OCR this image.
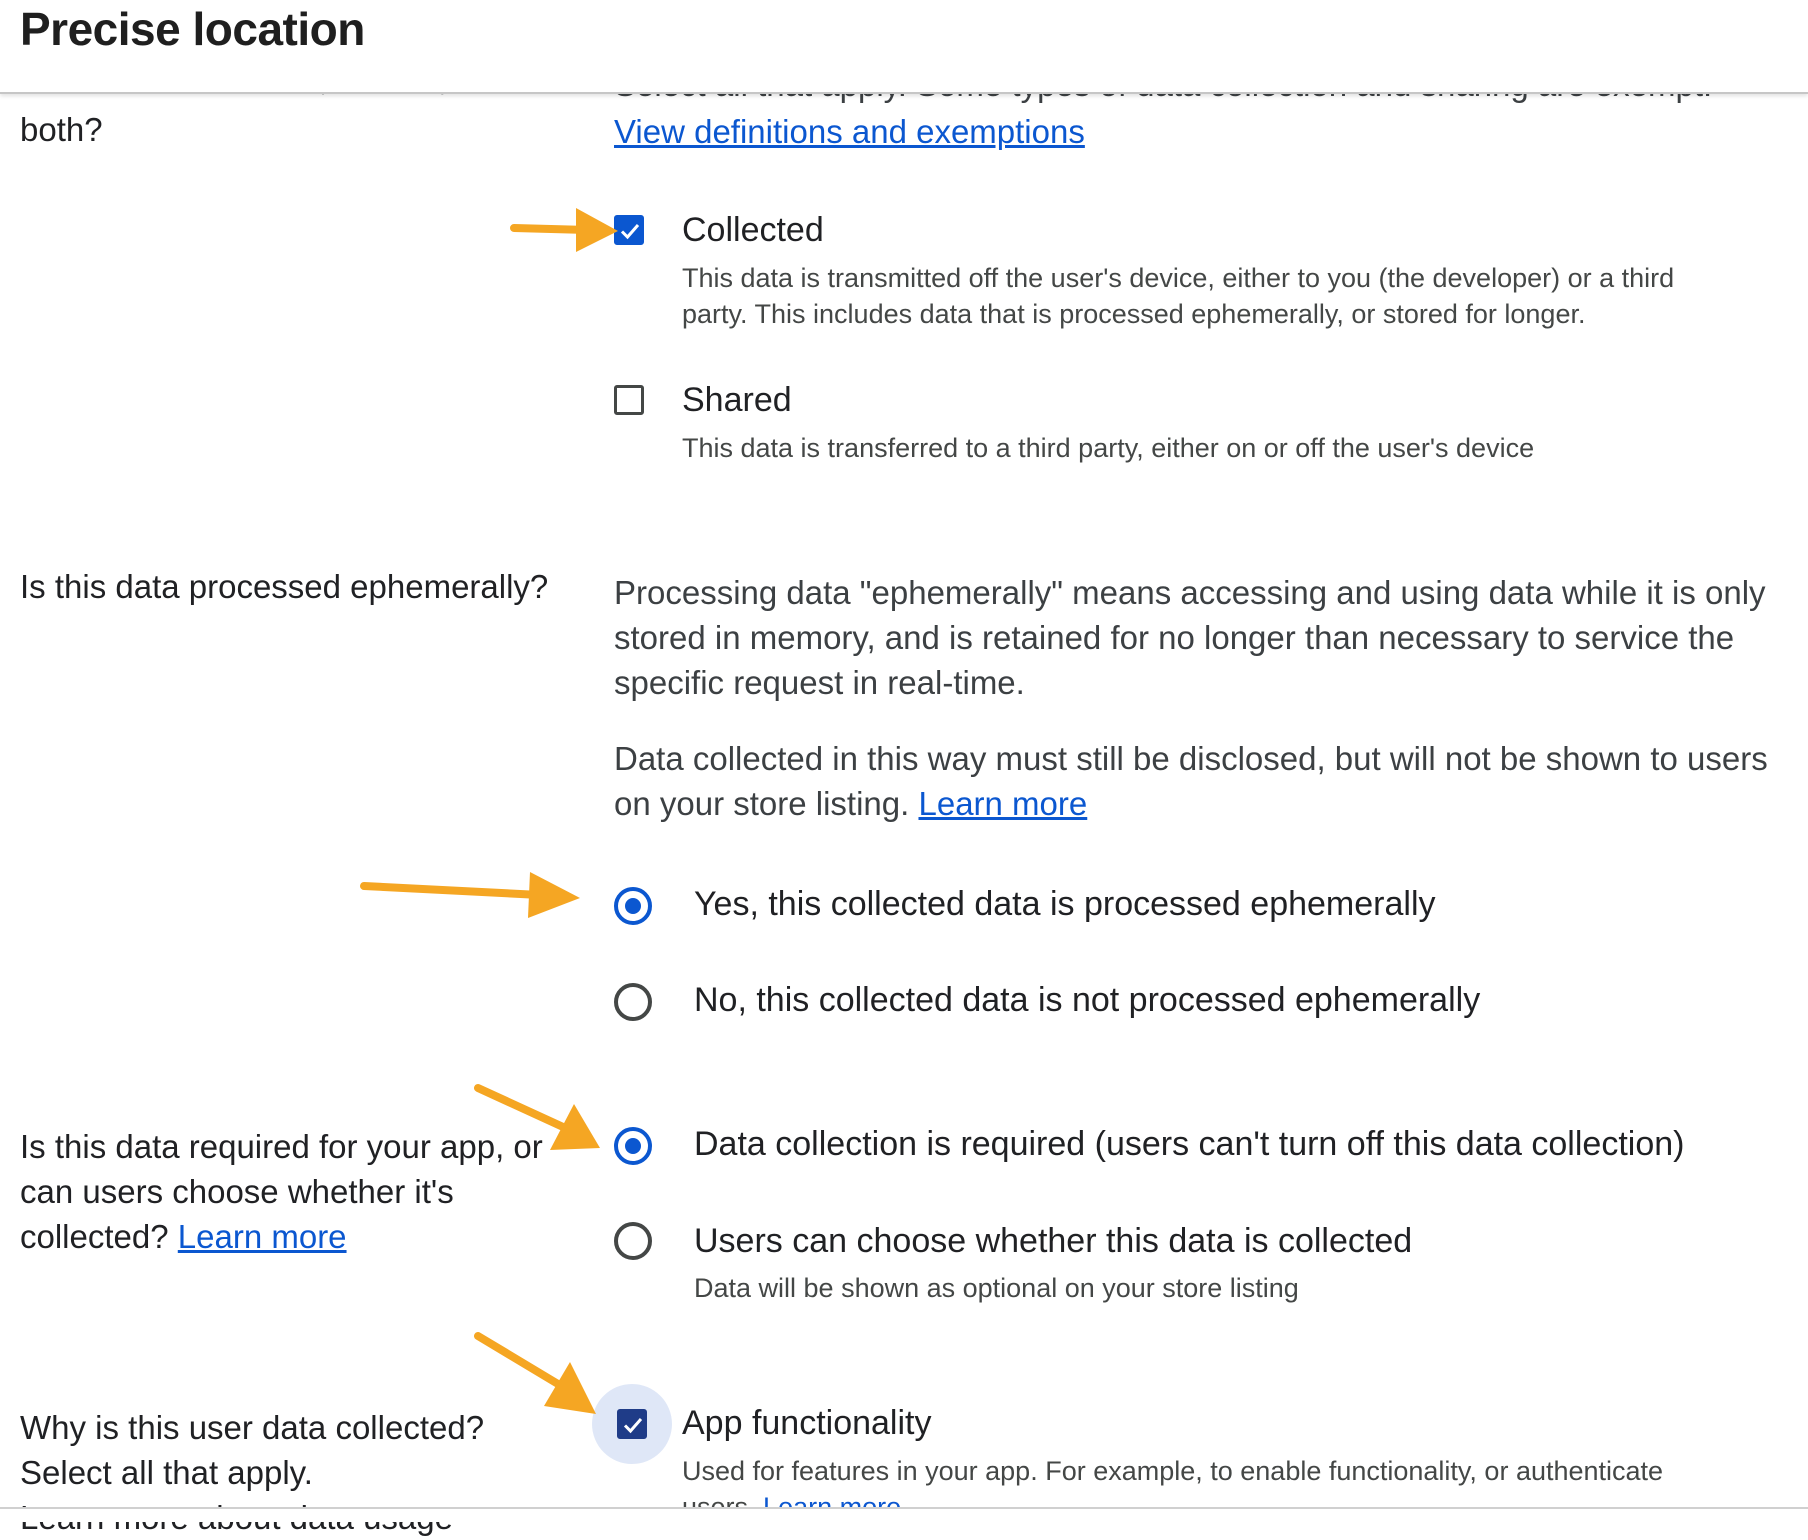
Precise location
both?	View definitions and exemptions
Collected
This data is transmitted off the user's device, either to you (the developer) or a third
party. This includes data that is processed ephemerally, or stored for longer.
Shared
This data is transferred to a third party, either on or off the user's device
Is this data processed ephemerally? Processing data "ephemerally" means accessing and using data while it is only
stored in memory, and is retained for no longer than necessary to service the
specific request in real-time.
Data collected in this way must still be disclosed, but will not be shown to users
on your store listing. Learn more
Yes, this collected data is processed ephemerally
No, this collected data is not processed ephemerally
Is this data required for your app, or
can users choose whether it's
collected? Learn more
Data collection is required (users can't turn off this data collection)
Users can choose whether this data is collected
Data will be shown as optional on your store listing
Why is this user data collected?
Select all that apply.
App functionality
Used for features in your app. For example, to enable functionality, or authenticate
